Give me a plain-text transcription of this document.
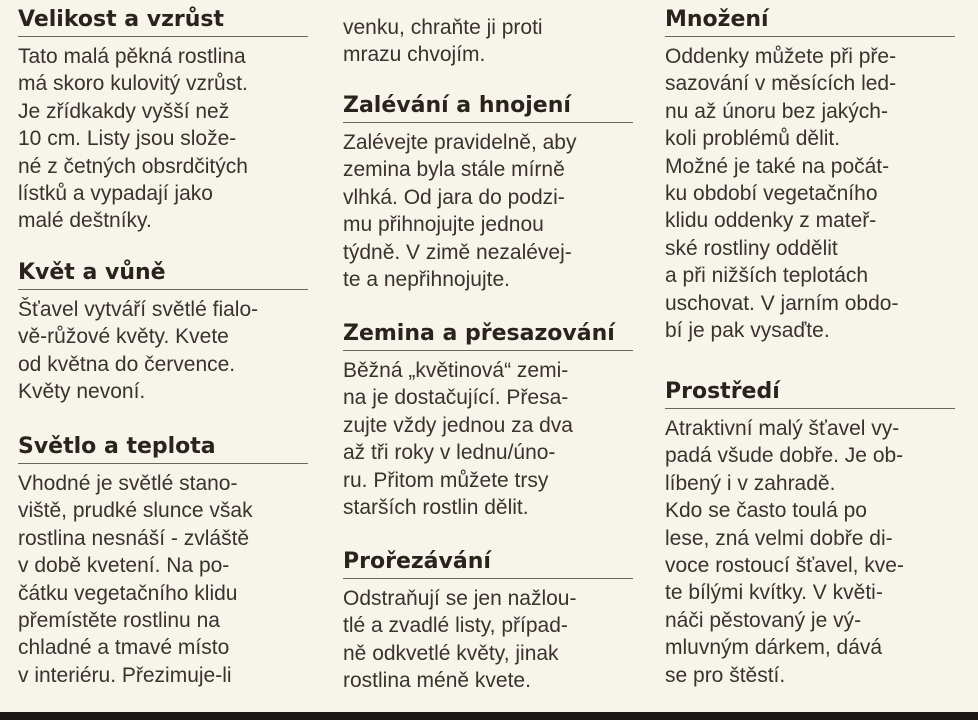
Velikost a vzrůst
Tato malá pěkná rostlina
má skoro kulovitý vzrůst.
Je zřídkakdy vyšší než
10 cm. Listy jsou slože-
né z četných obsrdčitých
lístků a vypadají jako
malé deštníky.
Květ a vůně
Šťavel vytváří světlé fialo-
vě-růžové květy. Kvete
od května do července.
Květy nevoní.
Světlo a teplota
Vhodné je světlé stano-
viště, prudké slunce však
rostlina nesnáší - zvláště
v době kvetení. Na po-
čátku vegetačního klidu
přemístěte rostlinu na
chladné a tmavé místo
v interiéru. Přezimuje-li
venku, chraňte ji proti
mrazu chvojím.
Zalévání a hnojení
Zalévejte pravidelně, aby
zemina byla stále mírně
vlhká. Od jara do podzi-
mu přihnojujte jednou
týdně. V zimě nezalévej-
te a nepřihnojujte.
Zemina a přesazování
Běžná „květinová“ zemi-
na je dostačující. Přesa-
zujte vždy jednou za dva
až tři roky v lednu/úno-
ru. Přitom můžete trsy
starších rostlin dělit.
Prořezávání
Odstraňují se jen nažlou-
tlé a zvadlé listy, případ-
ně odkvetlé květy, jinak
rostlina méně kvete.
Množení
Oddenky můžete při pře-
sazování v měsících led-
nu až únoru bez jakých-
koli problémů dělit.
Možné je také na počát-
ku období vegetačního
klidu oddenky z mateř-
ské rostliny oddělit
a při nižších teplotách
uschovat. V jarním obdo-
bí je pak vysaďte.
Prostředí
Atraktivní malý šťavel vy-
padá všude dobře. Je ob-
líbený i v zahradě.
Kdo se často toulá po
lese, zná velmi dobře di-
voce rostoucí šťavel, kve-
te bílými kvítky. V květi-
náči pěstovaný je vý-
mluvným dárkem, dává
se pro štěstí.
